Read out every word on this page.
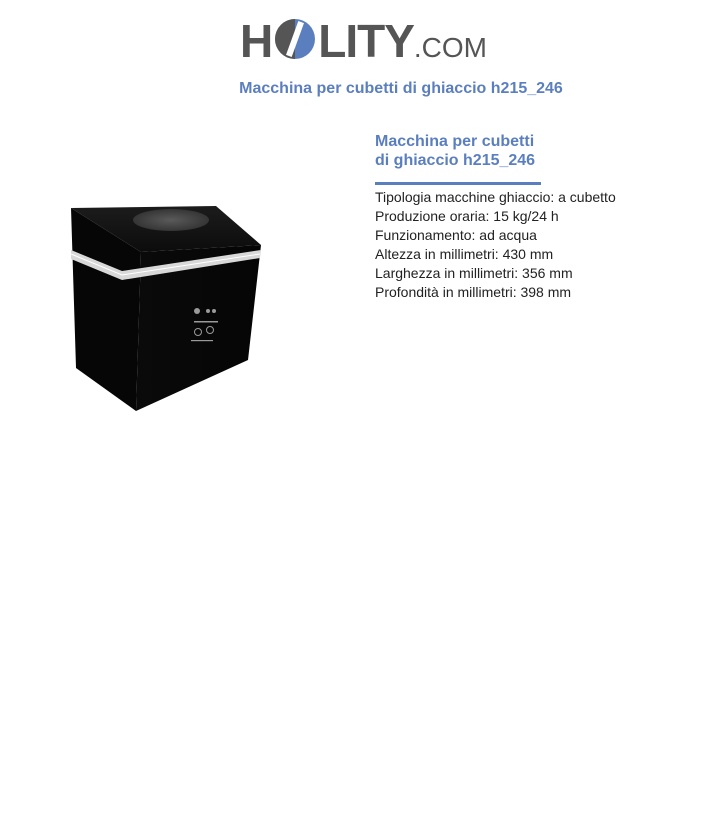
H LITY.COM
Macchina per cubetti di ghiaccio h215_246
Macchina per cubetti
di ghiaccio h215_246
Tipologia macchine ghiaccio: a cubetto
Produzione oraria: 15 kg/24 h
Funzionamento: ad acqua
Altezza in millimetri: 430 mm
Larghezza in millimetri: 356 mm
Profondità in millimetri: 398 mm
